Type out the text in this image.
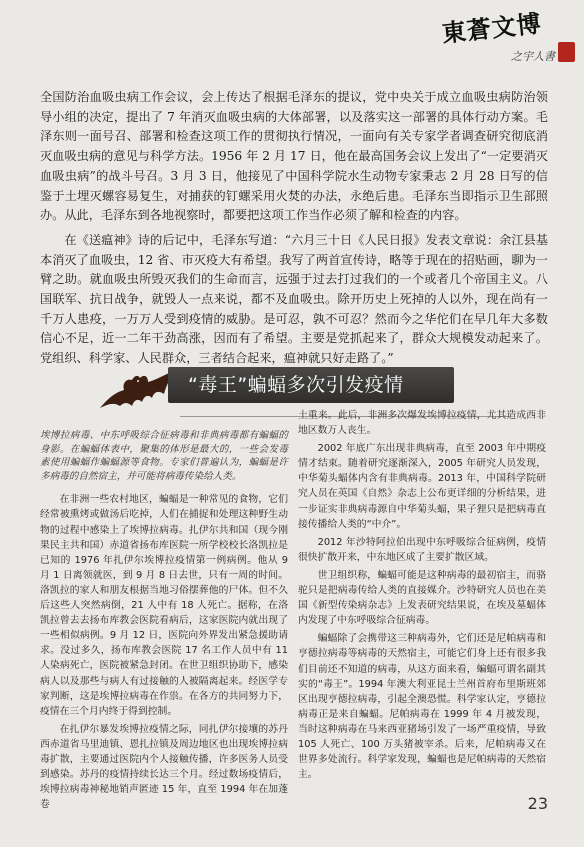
東蒼文博
之宇人書

全国防治血吸虫病工作会议，会上传达了根据毛泽东的提议，党中央关于成立血吸虫病防治领导小组的决定，提出了 7 年消灭血吸虫病的大体部署，以及落实这一部署的具体行动方案。毛泽东则一面号召、部署和检查这项工作的贯彻执行情况，一面向有关专家学者调查研究彻底消灭血吸虫病的意见与科学方法。1956 年 2 月 17 日，他在最高国务会议上发出了“一定要消灭血吸虫病”的战斗号召。3 月 3 日，他接见了中国科学院水生动物专家秉志 2 月 28 日写的信 鉴于土埋灭螺容易复生，对捕获的钉螺采用火焚的办法，永绝后患。毛泽东当即指示卫生部照办。从此，毛泽东到各地视察时，都要把这项工作当作必须了解和检查的内容。

在《送瘟神》诗的后记中，毛泽东写道：“六月三十日《人民日报》发表文章说：余江县基本消灭了血吸虫，12 省、市灭疫大有希望。我写了两首宣传诗，略等于现在的招贴画，聊为一臂之助。就血吸虫所毁灭我们的生命而言，远强于过去打过我们的一个或者几个帝国主义。八国联军、抗日战争，就毁人一点来说，都不及血吸虫。除开历史上死掉的人以外，现在尚有一千万人患疫，一万万人受到疫情的威胁。是可忍，孰不可忍？然而今之华佗们在早几年大多数信心不足，近一二年干劲高涨，因而有了希望。主要是党抓起来了，群众大规模发动起来了。党组织、科学家、人民群众，三者结合起来，瘟神就只好走路了。”

“毒王”蝙蝠多次引发疫情

埃博拉病毒、中东呼吸综合征病毒和非典病毒都有蝙蝠的身影。在蝙蝠体表中，聚集的体形是最大的，一些会发毒素使用蝙蝠作蝙蝠源等食物。专家们普遍认为，蝙蝠是许多病毒的自然宿主，并可能将病毒传染给人类。

在非洲一些农村地区，蝙蝠是一种常见的食物，它们经常被熏烤或做汤后吃掉，人们在捕捉和处理这种野生动物的过程中感染上了埃博拉病毒。扎伊尔共和国（现今刚果民主共和国）赤道省扬布库医院一所学校校长洛凯拉是已知的 1976 年扎伊尔埃博拉疫情第一例病例。他从 9 月 1 日离领就医，到 9 月 8 日去世，只有一周的时间。洛凯拉的家人和朋友根据当地习俗摆葬他的尸体。但不久后这些人突然病倒，21 人中有 18 人死亡。据称，在洛凯拉曾去去扬布库教会医院看病后，这家医院内就出现了一些相似病例。9 月 12 日，医院向外界发出紧急援助请求。没过多久，扬布库教会医院 17 名工作人员中有 11 人染病死亡，医院被紧急封闭。在世卫组织协助下，感染病人以及那些与病人有过接触的人被隔离起来。经医学专家判断，这是埃博拉病毒在作祟。在各方的共同努力下，疫情在三个月内终于得到控制。

在扎伊尔暴发埃博拉疫情之际，同扎伊尔接壤的苏丹西赤道省马里迪镇、恩扎拉镇及周边地区也出现埃博拉病毒扩散，主要通过医院内个人接触传播，许多医务人员受到感染。苏丹的疫情持续长达三个月。经过数场疫情后，埃博拉病毒神秘地销声匿迹 15 年，直至 1994 年在加蓬卷

土重来。此后，非洲多次爆发埃博拉疫情，尤其造成西非地区数万人丧生。

2002 年底广东出现非典病毒，直至 2003 年中期疫情才结束。随着研究逐渐深入，2005 年研究人员发现，中华菊头蝠体内含有非典病毒。2013 年，中国科学院研究人员在英国《自然》杂志上公布更详细的分析结果，进一步证实非典病毒源自中华菊头蝠，果子狸只是把病毒直接传播给人类的“中介”。

2012 年沙特阿拉伯出现中东呼吸综合征病例，疫情很快扩散开来，中东地区成了主要扩散区域。

世卫组织称，蝙蝠可能是这种病毒的最初宿主，而骆驼只是把病毒传给人类的直接媒介。沙特研究人员也在美国《新型传染病杂志》上发表研究结果说，在埃及墓蝠体内发现了中东呼吸综合征病毒。

蝙蝠除了会携带这三种病毒外，它们还是尼帕病毒和亨德拉病毒等病毒的天然宿主，可能它们身上还有很多我们目前还不知道的病毒，从这方面来看，蝙蝠可谓名副其实的“毒王”。1994 年澳大利亚昆士兰州首府布里斯班郊区出现亨德拉病毒，引起全澳恐慌。科学家认定，亨德拉病毒正是来自蝙蝠。尼帕病毒在 1999 年 4 月被发现，当时这种病毒在马来西亚猪场引发了一场严重疫情，导致 105 人死亡、100 万头猪被宰杀。后来，尼帕病毒又在世界多处流行。科学家发现，蝙蝠也是尼帕病毒的天然宿主。

23
